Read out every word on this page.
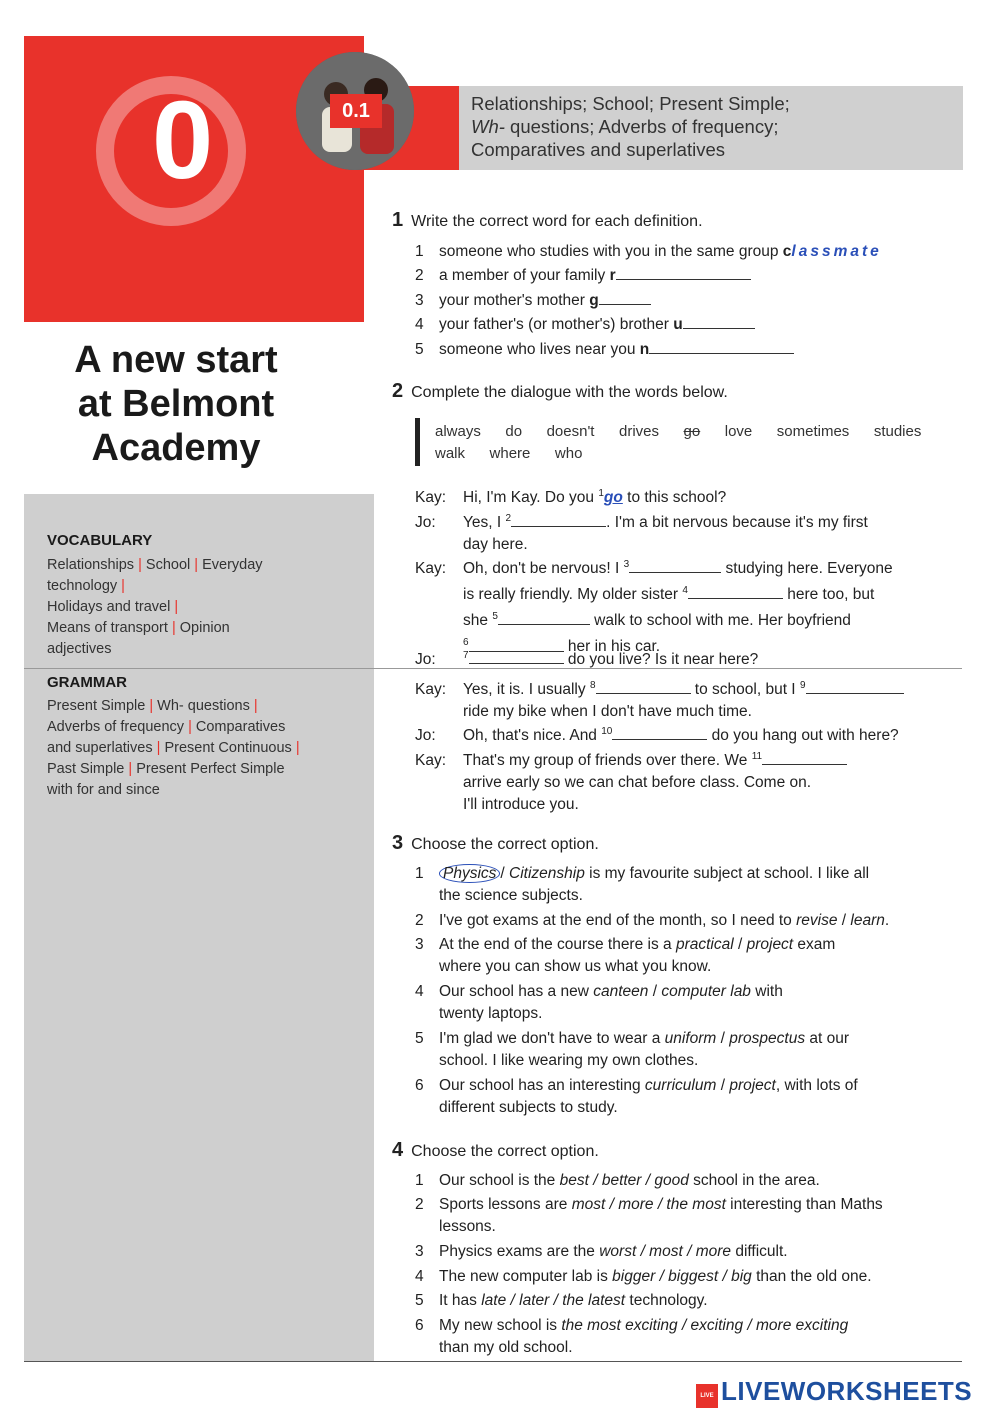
0	0.1	Relationships; School; Present Simple;
Wh- questions; Adverbs of frequency;
Comparatives and superlatives
A new start
at Belmont
Academy
VOCABULARY
Relationships | School | Everyday technology |
Holidays and travel |
Means of transport | Opinion adjectives
GRAMMAR
Present Simple | Wh- questions |
Adverbs of frequency | Comparatives and superlatives | Present Continuous |
Past Simple | Present Perfect Simple with for and since
1 Write the correct word for each definition.
1 someone who studies with you in the same group classmate
2 a member of your family r
3 your mother's mother g
4 your father's (or mother's) brother u
5 someone who lives near you n
2 Complete the dialogue with the words below.
always do doesn't drives go love sometimes studies
walk where who
Kay: Hi, I'm Kay. Do you $^1$go to this school?
Jo: Yes, I $^2$	. I'm a bit nervous because it's my first
day here.
Kay: Oh, don't be nervous! I $^3$	studying here. Everyone
is really friendly. My older sister $^4$	here too, but
she $^5$	walk to school with me. Her boyfriend
$^6$	her in his car.
Jo:	$^7$	do you live? Is it near here?
Kay: Yes, it is. I usually $^8$	to school, but I $^9$
ride my bike when I don't have much time.
Jo: Oh, that's nice. And $^{10}$	do you hang out with here?
Kay: That's my group of friends over there. We $^{11}$
arrive early so we can chat before class. Come on.
I'll introduce you.
3 Choose the correct option.
1 Physics / Citizenship is my favourite subject at school. I like all
the science subjects.
2 I've got exams at the end of the month, so I need to revise / learn.
3 At the end of the course there is a practical / project exam
where you can show us what you know.
4 Our school has a new canteen / computer lab with
twenty laptops.
5 I'm glad we don't have to wear a uniform / prospectus at our
school. I like wearing my own clothes.
6 Our school has an interesting curriculum / project, with lots of
different subjects to study.
4 Choose the correct option.
1 Our school is the best / better / good school in the area.
2 Sports lessons are most / more / the most interesting than Maths
lessons.
3 Physics exams are the worst / most / more difficult.
4 The new computer lab is bigger / biggest / big than the old one.
5 It has late / later / the latest technology.
6 My new school is the most exciting / exciting / more exciting
than my old school.
LIVE LIVEWORKSHEETS
